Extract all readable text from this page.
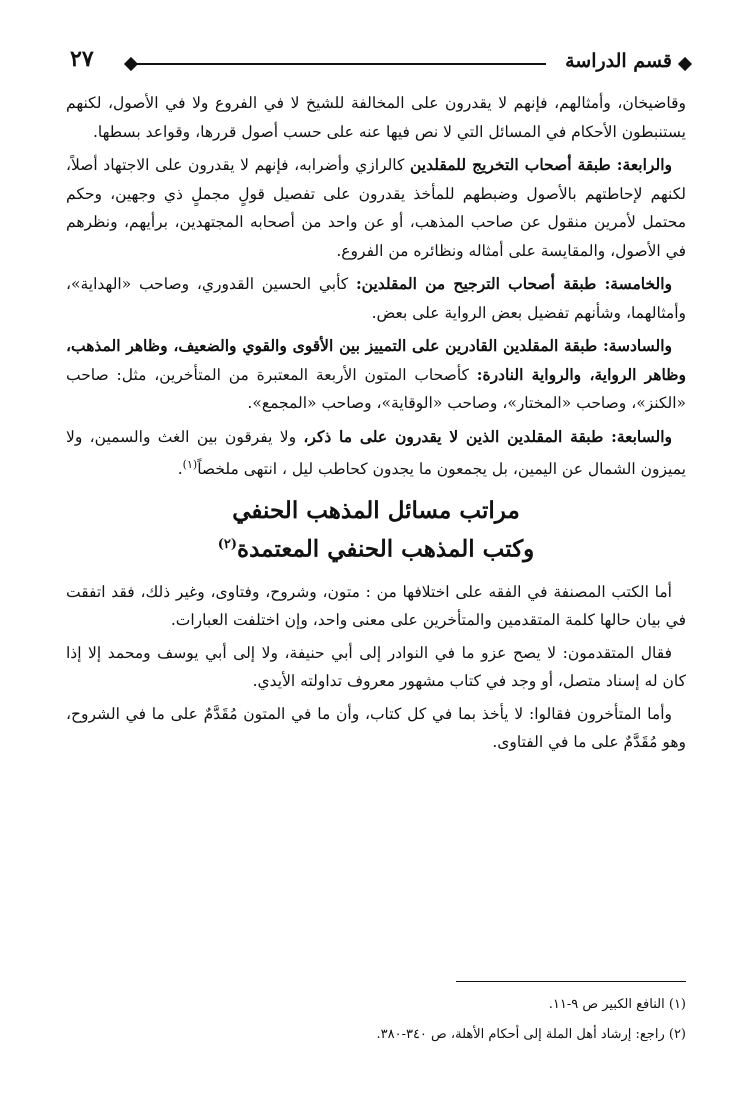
قسم الدراسة
٢٧

وقاضيخان، وأمثالهم، فإنهم لا يقدرون على المخالفة للشيخ لا في الفروع ولا في الأصول، لكنهم يستنبطون الأحكام في المسائل التي لا نص فيها عنه على حسب أصول قررها، وقواعد بسطها.

والرابعة: طبقة أصحاب التخريج للمقلدين كالرازي وأضرابه، فإنهم لا يقدرون على الاجتهاد أصلاً، لكنهم لإحاطتهم بالأصول وضبطهم للمأخذ يقدرون على تفصيل قولٍ مجملٍ ذي وجهين، وحكم محتمل لأمرين منقول عن صاحب المذهب، أو عن واحد من أصحابه المجتهدين، برأيهم، ونظرهم في الأصول، والمقايسة على أمثاله ونظائره من الفروع.

والخامسة: طبقة أصحاب الترجيح من المقلدين: كأبي الحسين القدوري، وصاحب «الهداية»، وأمثالهما، وشأنهم تفضيل بعض الرواية على بعض.

والسادسة: طبقة المقلدين القادرين على التمييز بين الأقوى والقوي والضعيف، وظاهر المذهب، وظاهر الرواية، والرواية النادرة: كأصحاب المتون الأربعة المعتبرة من المتأخرين، مثل: صاحب «الكنز»، وصاحب «المختار»، وصاحب «الوقاية»، وصاحب «المجمع».

والسابعة: طبقة المقلدين الذين لا يقدرون على ما ذكر، ولا يفرقون بين الغث والسمين، ولا يميزون الشمال عن اليمين، بل يجمعون ما يجدون كحاطب ليل ، انتهى ملخصاً$^{(١)}$.

مراتب مسائل المذهب الحنفي
وكتب المذهب الحنفي المعتمدة$^{(٢)}$

أما الكتب المصنفة في الفقه على اختلافها من : متون، وشروح، وفتاوى، وغير ذلك، فقد اتفقت في بيان حالها كلمة المتقدمين والمتأخرين على معنى واحد، وإن اختلفت العبارات.

فقال المتقدمون: لا يصح عزو ما في النوادر إلى أبي حنيفة، ولا إلى أبي يوسف ومحمد إلا إذا كان له إسناد متصل، أو وجد في كتاب مشهور معروف تداولته الأيدي.

وأما المتأخرون فقالوا: لا يأخذ بما في كل كتاب، وأن ما في المتون مُقَدَّمٌ على ما في الشروح، وهو مُقَدَّمٌ على ما في الفتاوى.

(١) النافع الكبير ص ٩-١١.
(٢) راجع: إرشاد أهل الملة إلى أحكام الأهلة، ص ٣٤٠-٣٨٠.
